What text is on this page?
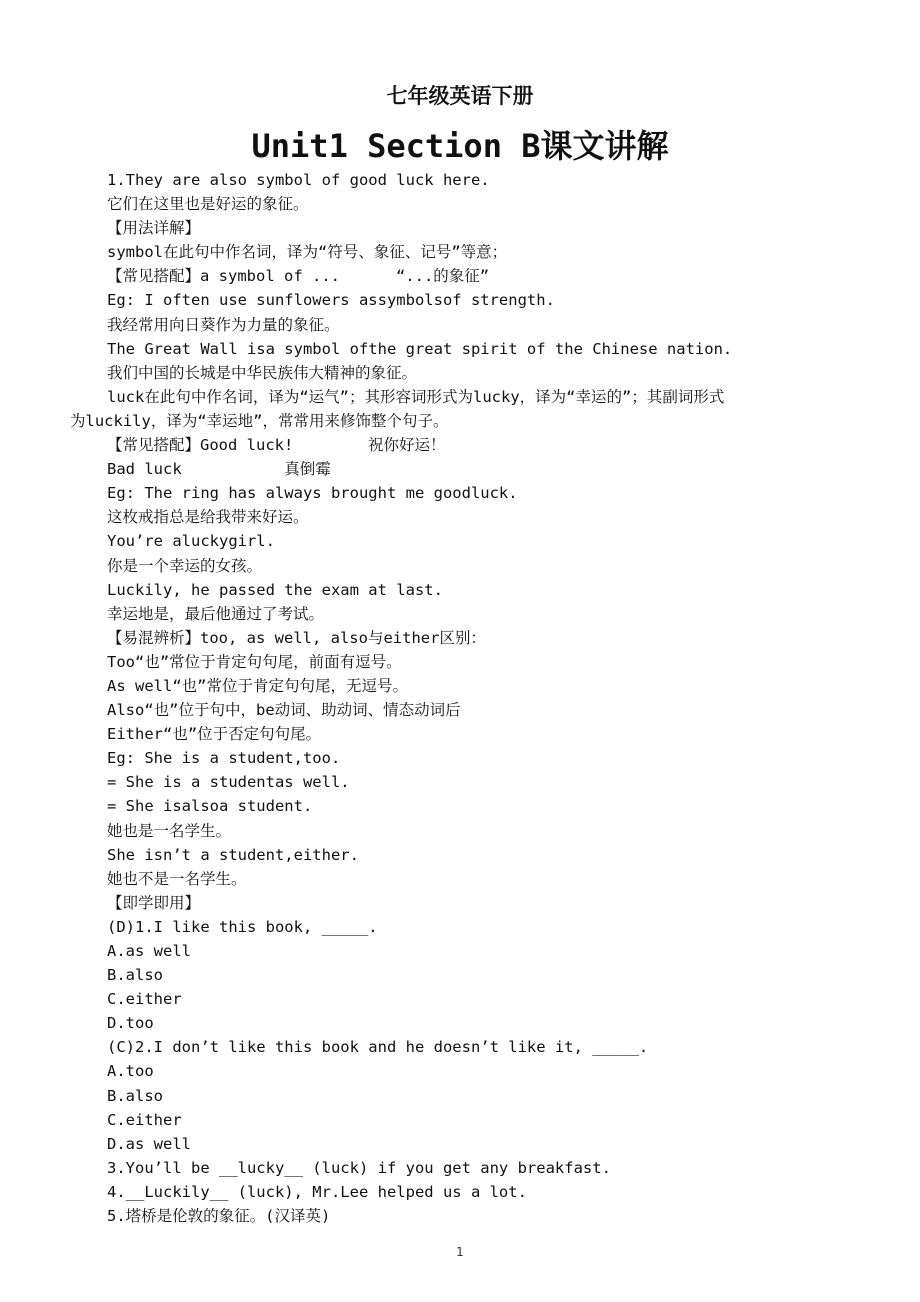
七年级英语下册
Unit1 Section B课文讲解
1.They are also symbol of good luck here.
它们在这里也是好运的象征。
【用法详解】
symbol在此句中作名词，译为“符号、象征、记号”等意；
【常见搭配】a symbol of ...      “...的象征”
Eg: I often use sunflowers assymbolsof strength.
我经常用向日葵作为力量的象征。
The Great Wall isa symbol ofthe great spirit of the Chinese nation.
我们中国的长城是中华民族伟大精神的象征。
luck在此句中作名词，译为“运气”；其形容词形式为lucky，译为“幸运的”；其副词形式
为luckily，译为“幸运地”，常常用来修饰整个句子。
【常见搭配】Good luck!        祝你好运！
Bad luck           真倒霉
Eg: The ring has always brought me goodluck.
这枚戒指总是给我带来好运。
You’re aluckygirl.
你是一个幸运的女孩。
Luckily, he passed the exam at last.
幸运地是，最后他通过了考试。
【易混辨析】too, as well, also与either区别：
Too“也”常位于肯定句句尾，前面有逗号。
As well“也”常位于肯定句句尾，无逗号。
Also“也”位于句中，be动词、助动词、情态动词后
Either“也”位于否定句句尾。
Eg: She is a student,too.
= She is a studentas well.
= She isalsoa student.
她也是一名学生。
She isn’t a student,either.
她也不是一名学生。
【即学即用】
(D)1.I like this book, _____.
A.as well
B.also
C.either
D.too
(C)2.I don’t like this book and he doesn’t like it, _____.
A.too
B.also
C.either
D.as well
3.You’ll be __lucky__ (luck) if you get any breakfast.
4.__Luckily__ (luck), Mr.Lee helped us a lot.
5.塔桥是伦敦的象征。(汉译英)
1
